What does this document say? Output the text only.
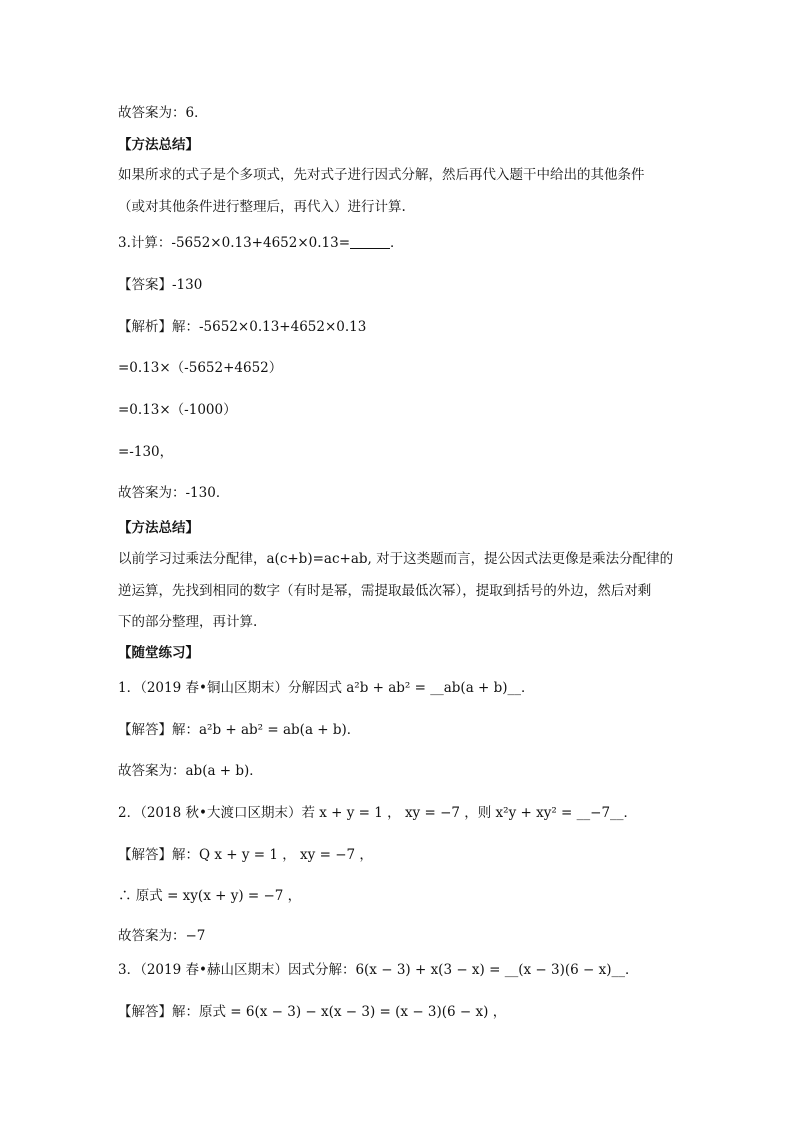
故答案为：6．
【方法总结】
如果所求的式子是个多项式，先对式子进行因式分解，然后再代入题干中给出的其他条件
（或对其他条件进行整理后，再代入）进行计算.
3.计算：-5652×0.13+4652×0.13=	．
【答案】-130
【解析】解：-5652×0.13+4652×0.13
=0.13×（-5652+4652）
=0.13×（-1000）
=-130，
故答案为：-130．
【方法总结】
以前学习过乘法分配律，a(c+b)=ac+ab, 对于这类题而言，提公因式法更像是乘法分配律的
逆运算，先找到相同的数字（有时是幂，需提取最低次幂），提取到括号的外边，然后对剩
下的部分整理，再计算.
【随堂练习】
1．（2019 春•铜山区期末）分解因式 a²b + ab² = __ab(a + b)__．
【解答】解：a²b + ab² = ab(a + b)．
故答案为：ab(a + b)．
2．（2018 秋•大渡口区期末）若 x + y = 1 ， xy = −7 ，则 x²y + xy² = __−7__．
【解答】解：Q x + y = 1 ， xy = −7 ，
∴ 原式 = xy(x + y) = −7 ，
故答案为：−7
3．（2019 春•赫山区期末）因式分解：6(x − 3) + x(3 − x) = __(x − 3)(6 − x)__．
【解答】解：原式 = 6(x − 3) − x(x − 3) = (x − 3)(6 − x) ，
